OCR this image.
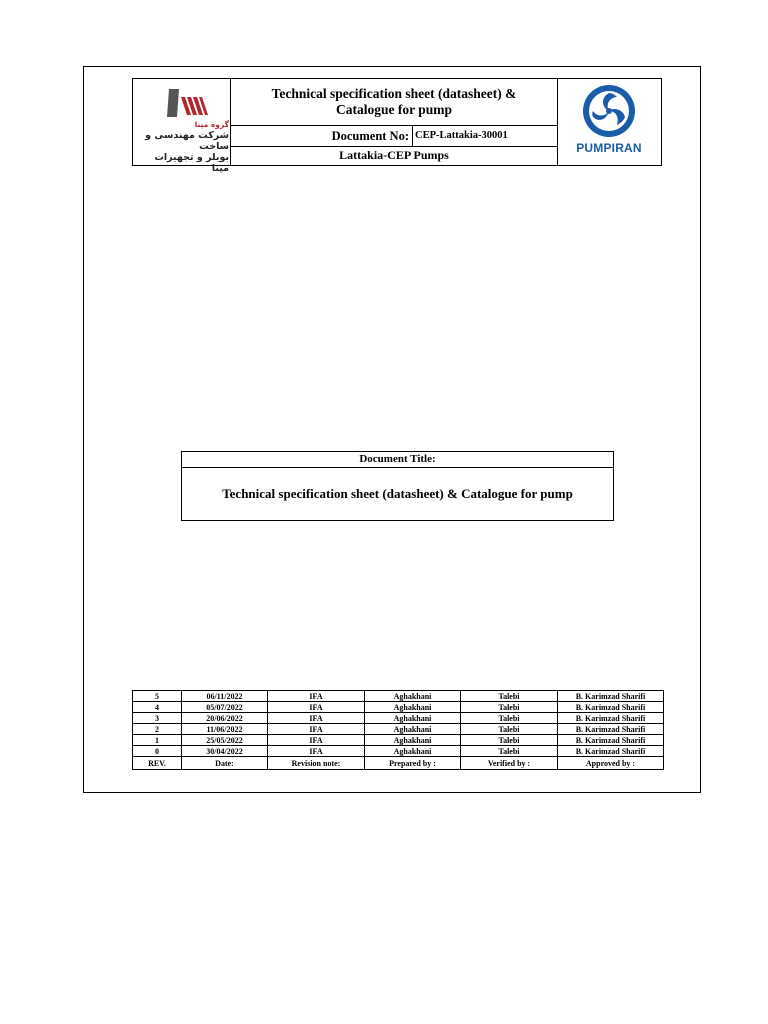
گروه مپنا
شرکت مهندسی و ساخت
بویلر و تجهیزات مپنا
Technical specification sheet (datasheet) &
Catalogue for pump
Document No: CEP-Lattakia-30001
Lattakia-CEP Pumps	PUMPIRAN
Document Title:
Technical specification sheet (datasheet) & Catalogue for pump
5	06/11/2022	IFA	Aghakhani	Talebi	B. Karimzad Sharifi
4	05/07/2022	IFA	Aghakhani	Talebi	B. Karimzad Sharifi
3	20/06/2022	IFA	Aghakhani	Talebi	B. Karimzad Sharifi
2	11/06/2022	IFA	Aghakhani	Talebi	B. Karimzad Sharifi
1	25/05/2022	IFA	Aghakhani	Talebi	B. Karimzad Sharifi
0	30/04/2022	IFA	Aghakhani	Talebi	B. Karimzad Sharifi
REV.	Date:	Revision note:	Prepared by :	Verified by :	Approved by :
